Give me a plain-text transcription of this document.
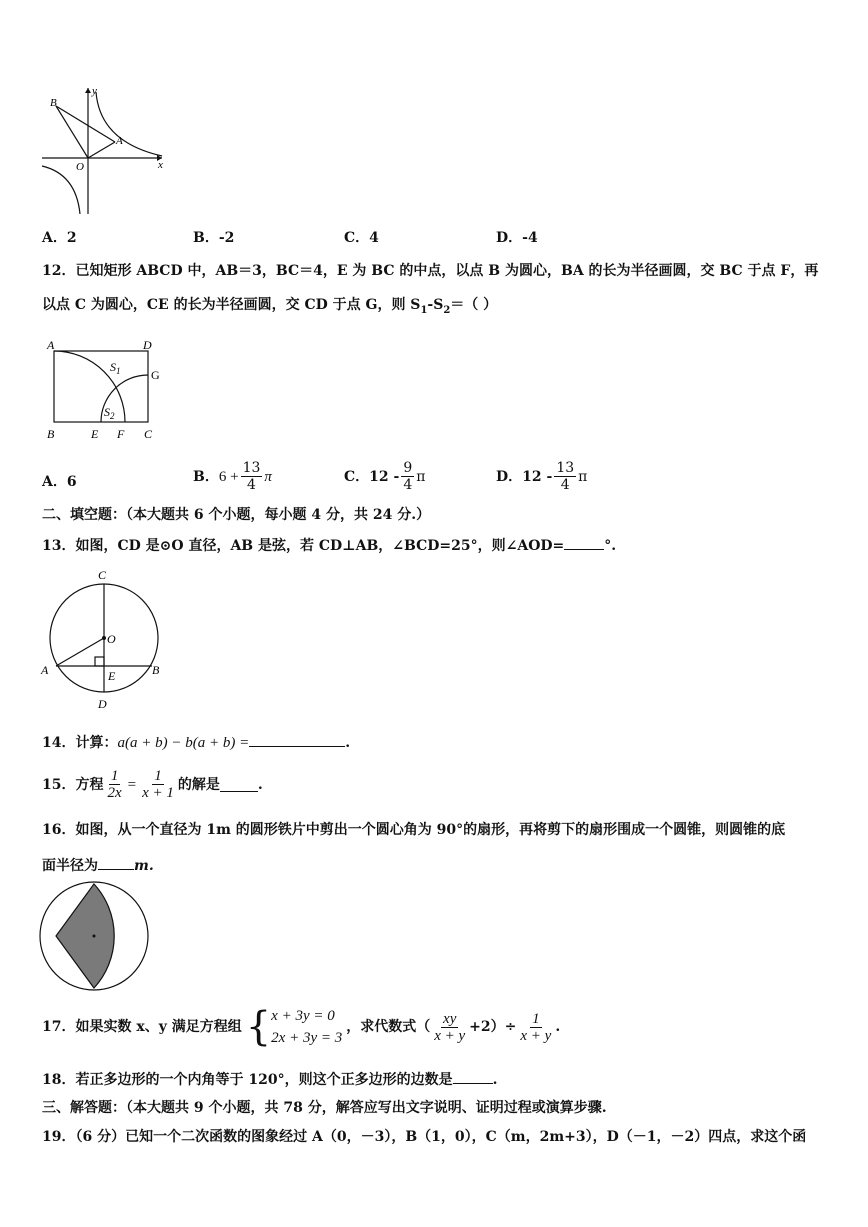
B
A
O	x
y
A．2	B．-2	C．4	D．-4
12．已知矩形 ABCD 中，AB＝3，BC＝4，E 为 BC 的中点，以点 B 为圆心，BA 的长为半径画圆，交 BC 于点 F，再
以点 C 为圆心，CE 的长为半径画圆，交 CD 于点 G，则 $S_1-S_2=$（ ）
A	D
G
B	E F C
$S_1$
$S_2$
A．6	B． $6 + \frac{13}{4}$ π	C．$12 - \frac{9}{4}$ π	D．$12 - \frac{13}{4}$ π
二、填空题：（本大题共 6 个小题，每小题 4 分，共 24 分.）
13．如图，CD 是⊙O 直径，AB 是弦，若 CD⊥AB，∠BCD=25°，则∠AOD=	°.
C
O
A	E	B
D
14．计算：a(a + b) − b(a + b) =	.
15．方程 $\frac{1}{2x} = \frac{1}{x + 1}$ 的解是	.
16．如图，从一个直径为 1m 的圆形铁片中剪出一个圆心角为 90°的扇形，再将剪下的扇形围成一个圆锥，则圆锥的底
面半径为	m.
17．如果实数 x、y 满足方程组 { x + 3y = 0
2x + 3y = 3
，求代数式（ $\frac{xy}{x + y} +2)\div \frac{1}{x + y}$ .
18．若正多边形的一个内角等于 120°，则这个正多边形的边数是	.
三、解答题：（本大题共 9 个小题，共 78 分，解答应写出文字说明、证明过程或演算步骤.
19．（6 分）已知一个二次函数的图象经过 A（0，－3），B（1，0），C（m，2m+3），D（－1，－2）四点，求这个函
